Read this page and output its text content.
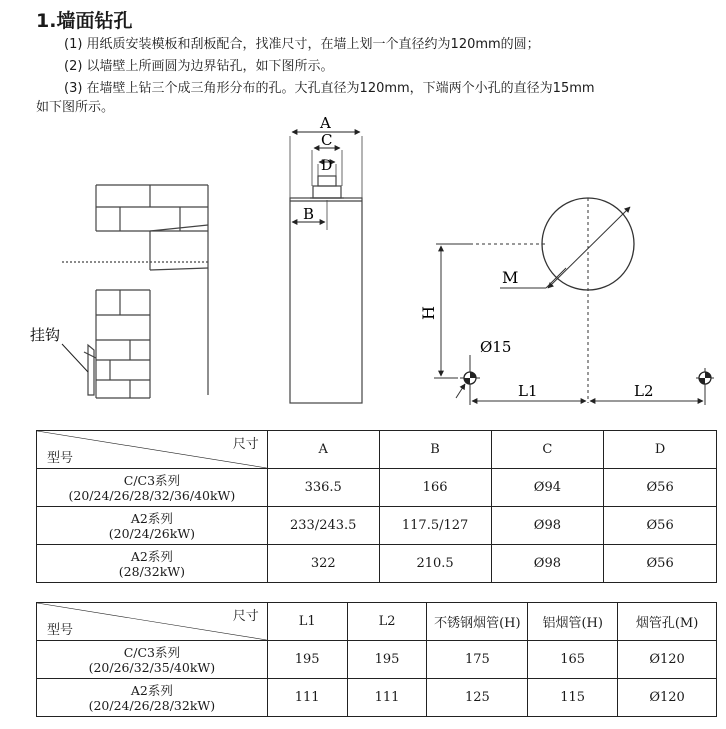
1.墙面钻孔
(1) 用纸质安装模板和刮板配合，找准尺寸，在墙上划一个直径约为120mm的圆；
(2) 以墙壁上所画圆为边界钻孔，如下图所示。
(3) 在墙壁上钻三个成三角形分布的孔。大孔直径为120mm，下端两个小孔的直径为15mm
如下图所示。
挂钩
A
C
D
B
M
H
Ø15
L1	L2
尺寸
型号	A	B	C	D

C/C3系列
(20/24/26/28/32/36/40kW)	336.5	166	Ø94	Ø56

A2系列
(20/24/26kW)	233/243.5	117.5/127	Ø98	Ø56

A2系列
(28/32kW)	322	210.5	Ø98	Ø56
尺寸
型号	L1	L2	不锈钢烟管(H)	铝烟管(H)	烟管孔(M)

C/C3系列
(20/26/32/35/40kW)	195	195	175	165	Ø120

A2系列
(20/24/26/28/32kW)	111	111	125	115	Ø120
